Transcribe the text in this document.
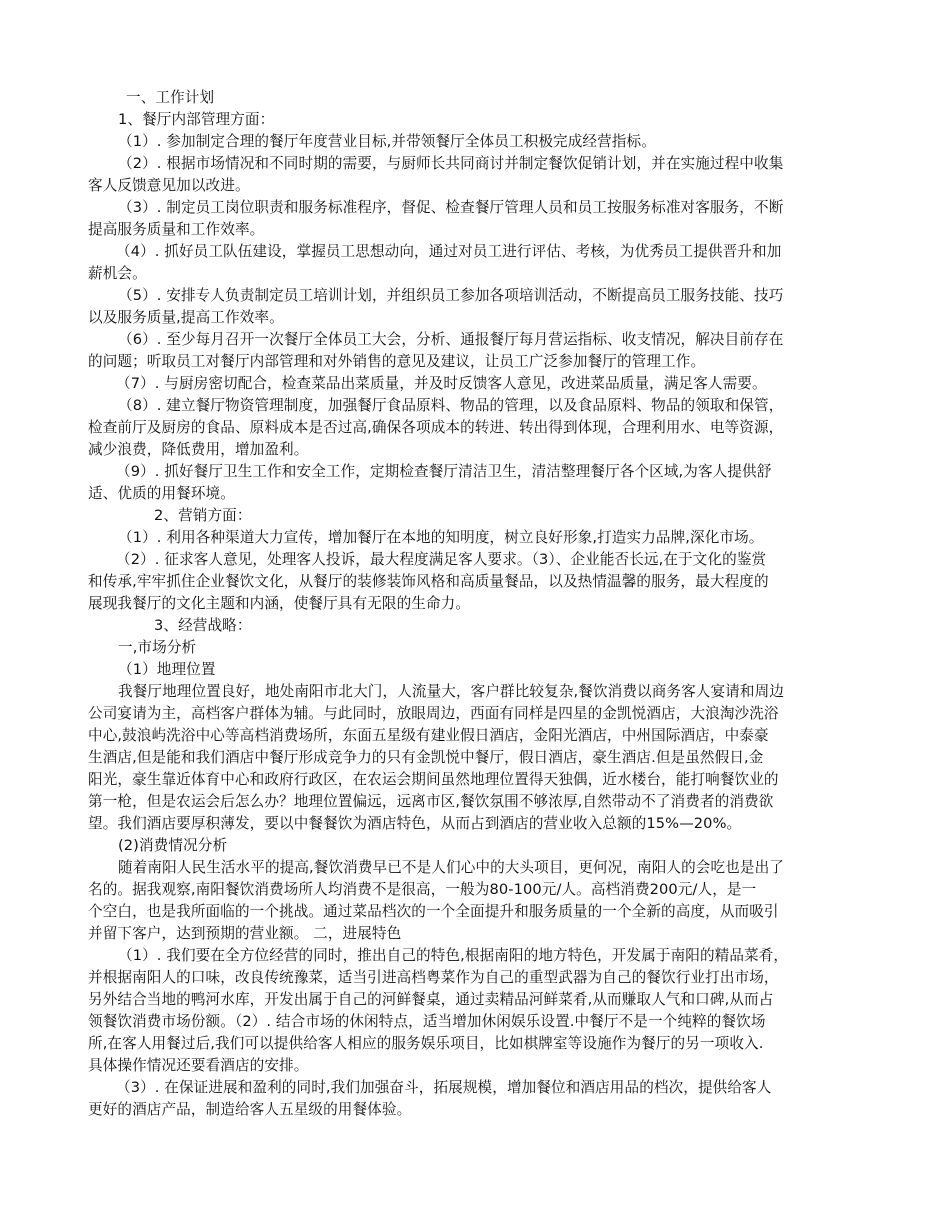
一、工作计划
1、餐厅内部管理方面：
（1）. 参加制定合理的餐厅年度营业目标,并带领餐厅全体员工积极完成经营指标。
（2）. 根据市场情况和不同时期的需要，与厨师长共同商讨并制定餐饮促销计划，并在实施过程中收集
客人反馈意见加以改进。
（3）. 制定员工岗位职责和服务标准程序，督促、检查餐厅管理人员和员工按服务标准对客服务，不断
提高服务质量和工作效率。
（4）. 抓好员工队伍建设，掌握员工思想动向，通过对员工进行评估、考核，为优秀员工提供晋升和加
薪机会。
（5）. 安排专人负责制定员工培训计划，并组织员工参加各项培训活动，不断提高员工服务技能、技巧
以及服务质量,提高工作效率。
（6）. 至少每月召开一次餐厅全体员工大会，分析、通报餐厅每月营运指标、收支情况，解决目前存在
的问题；听取员工对餐厅内部管理和对外销售的意见及建议，让员工广泛参加餐厅的管理工作。
（7）. 与厨房密切配合，检查菜品出菜质量，并及时反馈客人意见，改进菜品质量，满足客人需要。
（8）. 建立餐厅物资管理制度，加强餐厅食品原料、物品的管理，以及食品原料、物品的领取和保管，
检查前厅及厨房的食品、原料成本是否过高,确保各项成本的转进、转出得到体现，合理利用水、电等资源，
减少浪费，降低费用，增加盈利。
（9）. 抓好餐厅卫生工作和安全工作，定期检查餐厅清洁卫生，清洁整理餐厅各个区域,为客人提供舒
适、优质的用餐环境。
2、营销方面：
（1）. 利用各种渠道大力宣传，增加餐厅在本地的知明度，树立良好形象,打造实力品牌,深化市场。
（2）. 征求客人意见，处理客人投诉，最大程度满足客人要求。（3）、企业能否长远,在于文化的鉴赏
和传承,牢牢抓住企业餐饮文化，从餐厅的装修装饰风格和高质量餐品，以及热情温馨的服务，最大程度的
展现我餐厅的文化主题和内涵，使餐厅具有无限的生命力。
3、经营战略：
一,市场分析
（1）地理位置
我餐厅地理位置良好，地处南阳市北大门，人流量大，客户群比较复杂,餐饮消费以商务客人宴请和周边
公司宴请为主，高档客户群体为辅。与此同时，放眼周边，西面有同样是四星的金凯悦酒店，大浪淘沙洗浴
中心,鼓浪屿洗浴中心等高档消费场所，东面五星级有建业假日酒店，金阳光酒店，中州国际酒店，中泰豪
生酒店,但是能和我们酒店中餐厅形成竞争力的只有金凯悦中餐厅，假日酒店，豪生酒店.但是虽然假日,金
阳光，豪生靠近体育中心和政府行政区，在农运会期间虽然地理位置得天独偶，近水楼台，能打响餐饮业的
第一枪，但是农运会后怎么办？地理位置偏远，远离市区,餐饮氛围不够浓厚,自然带动不了消费者的消费欲
望。我们酒店要厚积薄发，要以中餐餐饮为酒店特色，从而占到酒店的营业收入总额的15%—20%。
(2)消费情况分析
随着南阳人民生活水平的提高,餐饮消费早已不是人们心中的大头项目，更何况，南阳人的会吃也是出了
名的。据我观察,南阳餐饮消费场所人均消费不是很高，一般为80-100元/人。高档消费200元/人，是一
个空白，也是我所面临的一个挑战。通过菜品档次的一个全面提升和服务质量的一个全新的高度，从而吸引
并留下客户，达到预期的营业额。 二，进展特色
（1）. 我们要在全方位经营的同时，推出自己的特色,根据南阳的地方特色，开发属于南阳的精品菜肴，
并根据南阳人的口味，改良传统豫菜，适当引进高档粤菜作为自己的重型武器为自己的餐饮行业打出市场，
另外结合当地的鸭河水库，开发出属于自己的河鲜餐桌，通过卖精品河鲜菜肴,从而赚取人气和口碑,从而占
领餐饮消费市场份额。（2）. 结合市场的休闲特点，适当增加休闲娱乐设置.中餐厅不是一个纯粹的餐饮场
所,在客人用餐过后,我们可以提供给客人相应的服务娱乐项目，比如棋牌室等设施作为餐厅的另一项收入.
具体操作情况还要看酒店的安排。
（3）. 在保证进展和盈利的同时,我们加强奋斗，拓展规模，增加餐位和酒店用品的档次，提供给客人
更好的酒店产品，制造给客人五星级的用餐体验。
